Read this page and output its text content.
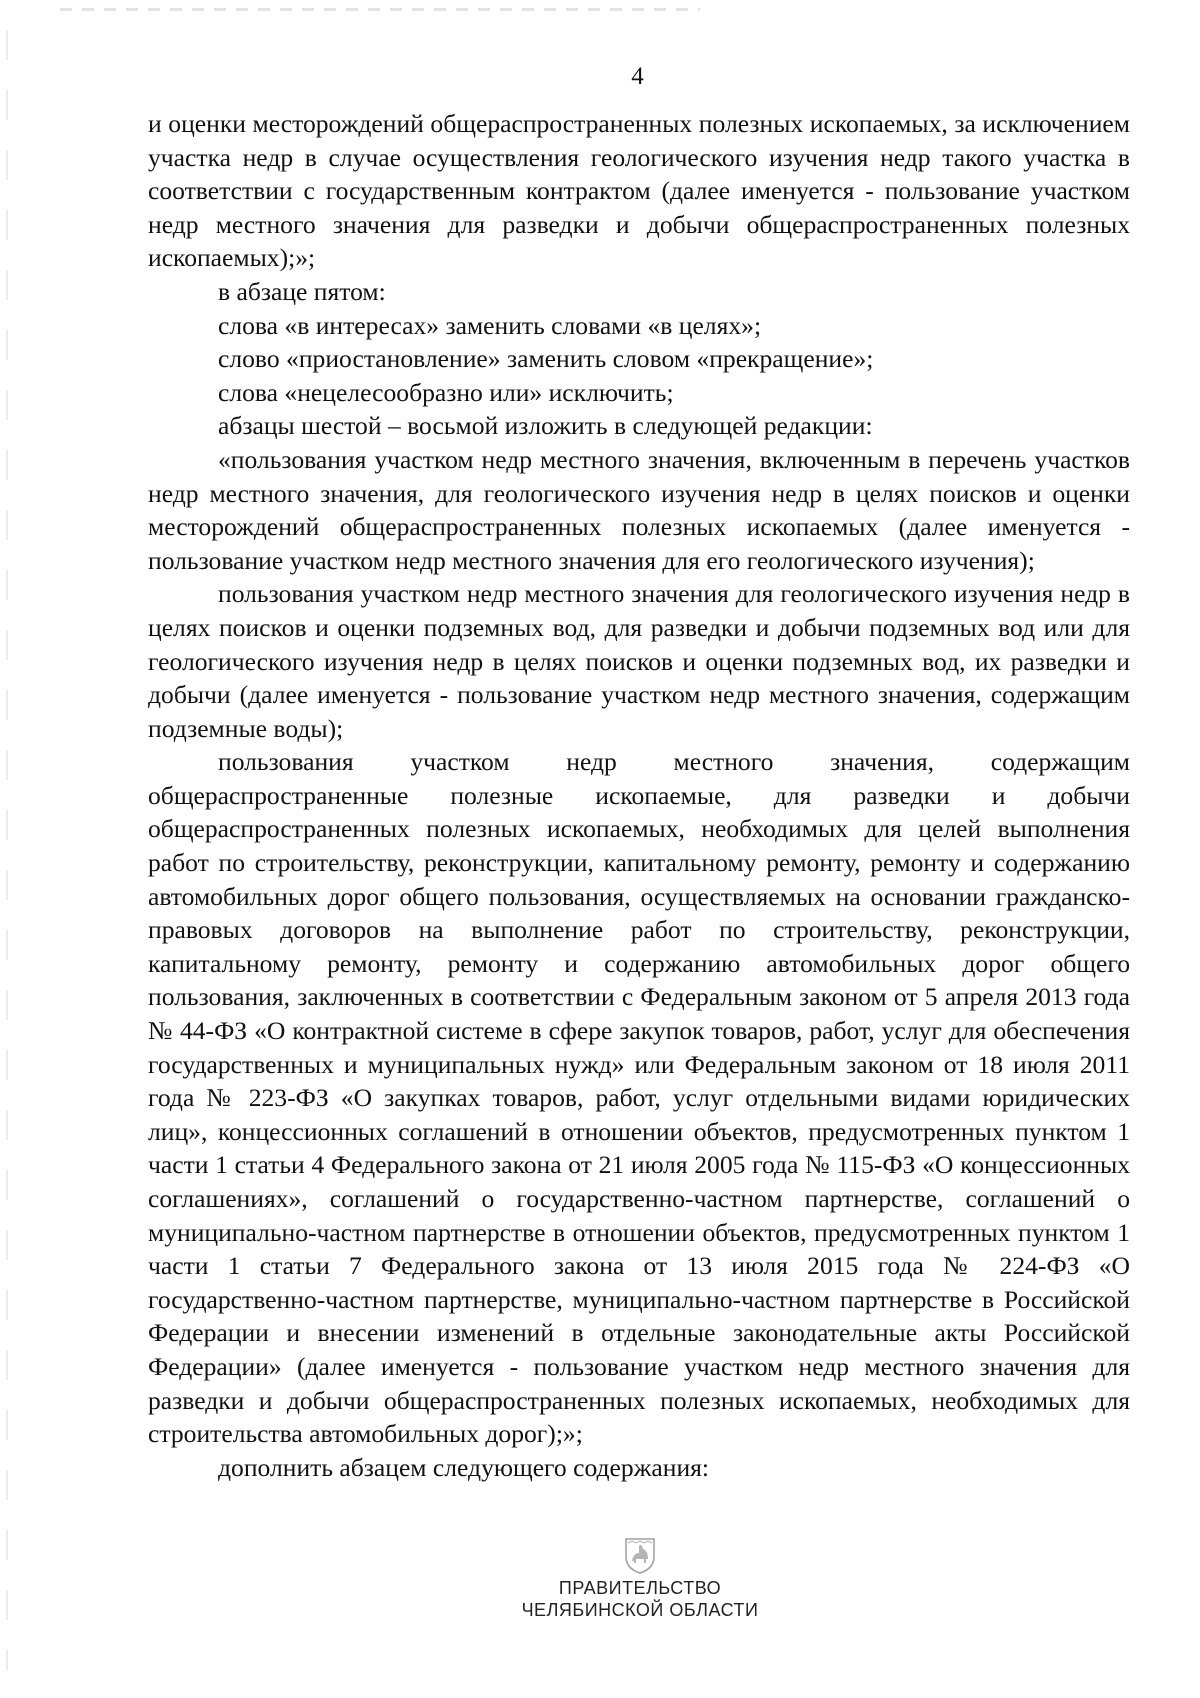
4

и оценки месторождений общераспространенных полезных ископаемых, за исключением участка недр в случае осуществления геологического изучения недр такого участка в соответствии с государственным контрактом (далее именуется - пользование участком недр местного значения для разведки и добычи общераспространенных полезных ископаемых);»;

в абзаце пятом:

слова «в интересах» заменить словами «в целях»;

слово «приостановление» заменить словом «прекращение»;

слова «нецелесообразно или» исключить;

абзацы шестой – восьмой изложить в следующей редакции:

«пользования участком недр местного значения, включенным в перечень участков недр местного значения, для геологического изучения недр в целях поисков и оценки месторождений общераспространенных полезных ископаемых (далее именуется - пользование участком недр местного значения для его геологического изучения);

пользования участком недр местного значения для геологического изучения недр в целях поисков и оценки подземных вод, для разведки и добычи подземных вод или для геологического изучения недр в целях поисков и оценки подземных вод, их разведки и добычи (далее именуется - пользование участком недр местного значения, содержащим подземные воды);

пользования участком недр местного значения, содержащим общераспространенные полезные ископаемые, для разведки и добычи общераспространенных полезных ископаемых, необходимых для целей выполнения работ по строительству, реконструкции, капитальному ремонту, ремонту и содержанию автомобильных дорог общего пользования, осуществляемых на основании гражданско-правовых договоров на выполнение работ по строительству, реконструкции, капитальному ремонту, ремонту и содержанию автомобильных дорог общего пользования, заключенных в соответствии с Федеральным законом от 5 апреля 2013 года № 44-ФЗ «О контрактной системе в сфере закупок товаров, работ, услуг для обеспечения государственных и муниципальных нужд» или Федеральным законом от 18 июля 2011 года № 223-ФЗ «О закупках товаров, работ, услуг отдельными видами юридических лиц», концессионных соглашений в отношении объектов, предусмотренных пунктом 1 части 1 статьи 4 Федерального закона от 21 июля 2005 года № 115-ФЗ «О концессионных соглашениях», соглашений о государственно-частном партнерстве, соглашений о муниципально-частном партнерстве в отношении объектов, предусмотренных пунктом 1 части 1 статьи 7 Федерального закона от 13 июля 2015 года № 224-ФЗ «О государственно-частном партнерстве, муниципально-частном партнерстве в Российской Федерации и внесении изменений в отдельные законодательные акты Российской Федерации» (далее именуется - пользование участком недр местного значения для разведки и добычи общераспространенных полезных ископаемых, необходимых для строительства автомобильных дорог);»;

дополнить абзацем следующего содержания:

ПРАВИТЕЛЬСТВО
ЧЕЛЯБИНСКОЙ ОБЛАСТИ
